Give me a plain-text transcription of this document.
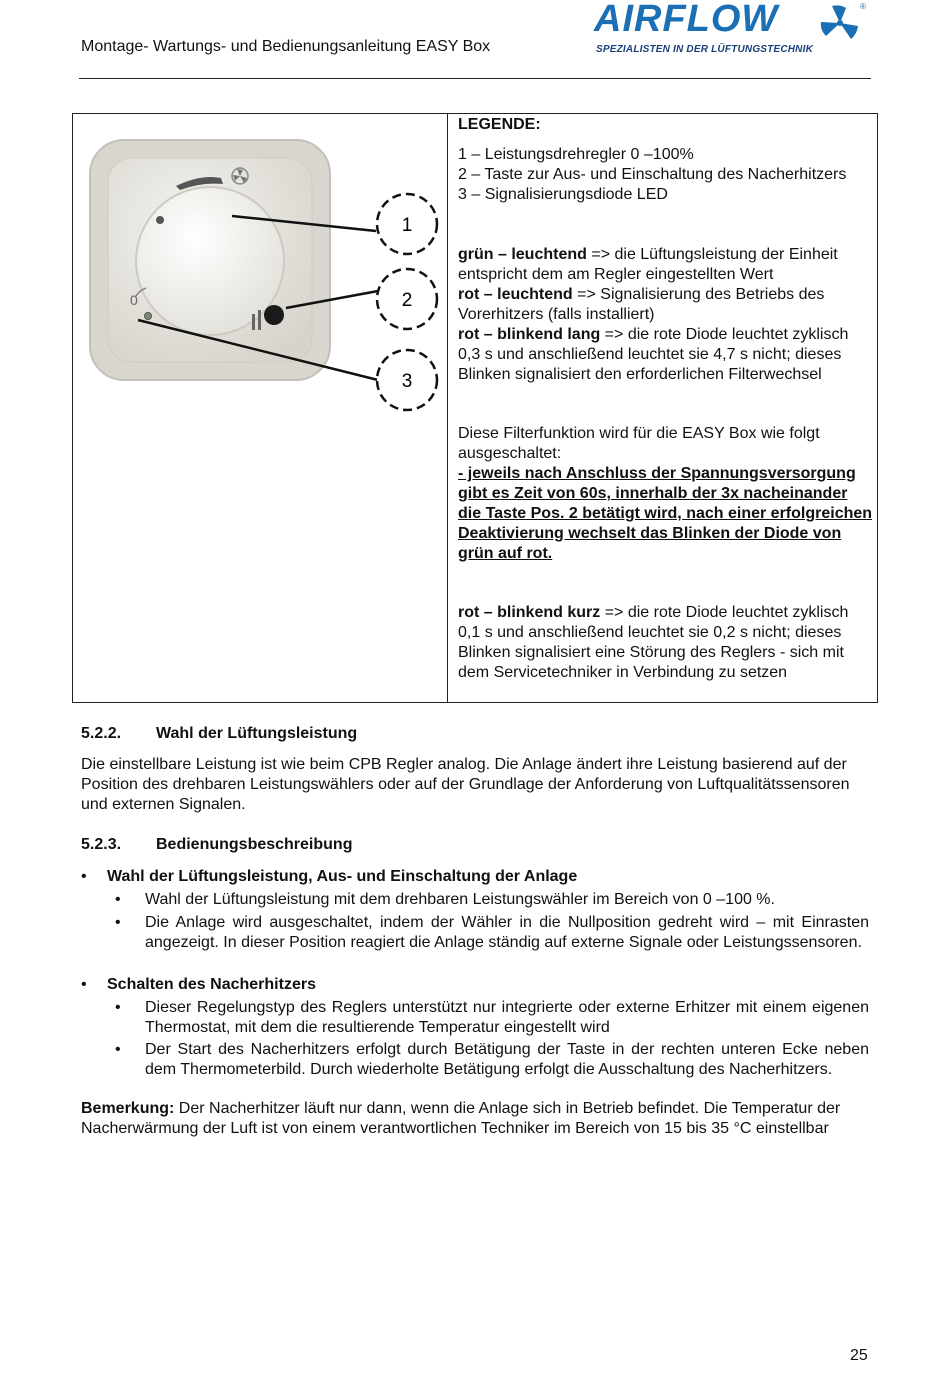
Montage- Wartungs- und Bedienungsanleitung EASY Box
AIRFLOW	®
SPEZIALISTEN IN DER LÜFTUNGSTECHNIK
0
1
2
3

LEGENDE:

1 – Leistungsdrehregler 0 –100%

2 – Taste zur Aus- und Einschaltung des Nacherhitzers

3 – Signalisierungsdiode LED

grün – leuchtend => die Lüftungsleistung der Einheit entspricht dem am Regler eingestellten Wert

rot – leuchtend => Signalisierung des Betriebs des Vorerhitzers (falls installiert)

rot – blinkend lang => die rote Diode leuchtet zyklisch 0,3 s und anschließend leuchtet sie 4,7 s nicht; dieses Blinken signalisiert den erforderlichen Filterwechsel

Diese Filterfunktion wird für die EASY Box wie folgt ausgeschaltet:

- jeweils nach Anschluss der Spannungsversorgung gibt es Zeit von 60s, innerhalb der 3x nacheinander die Taste Pos. 2 betätigt wird, nach einer erfolgreichen Deaktivierung wechselt das Blinken der Diode von grün auf rot.

rot – blinkend kurz => die rote Diode leuchtet zyklisch 0,1 s und anschließend leuchtet sie 0,2 s nicht; dieses Blinken signalisiert eine Störung des Reglers - sich mit dem Servicetechniker in Verbindung zu setzen

5.2.2. Wahl der Lüftungsleistung
Die einstellbare Leistung ist wie beim CPB Regler analog. Die Anlage ändert ihre Leistung basierend auf der Position des drehbaren Leistungswählers oder auf der Grundlage der Anforderung von Luftqualitätssensoren und externen Signalen.
5.2.3. Bedienungsbeschreibung
• Wahl der Lüftungsleistung, Aus- und Einschaltung der Anlage
• Wahl der Lüftungsleistung mit dem drehbaren Leistungswähler im Bereich von 0 –100 %.
• Die Anlage wird ausgeschaltet, indem der Wähler in die Nullposition gedreht wird – mit Einrasten angezeigt. In dieser Position reagiert die Anlage ständig auf externe Signale oder Leistungssensoren.
• Schalten des Nacherhitzers
• Dieser Regelungstyp des Reglers unterstützt nur integrierte oder externe Erhitzer mit einem eigenen Thermostat, mit dem die resultierende Temperatur eingestellt wird
• Der Start des Nacherhitzers erfolgt durch Betätigung der Taste in der rechten unteren Ecke neben dem Thermometerbild. Durch wiederholte Betätigung erfolgt die Ausschaltung des Nacherhitzers.
Bemerkung: Der Nacherhitzer läuft nur dann, wenn die Anlage sich in Betrieb befindet. Die Temperatur der Nacherwärmung der Luft ist von einem verantwortlichen Techniker im Bereich von 15 bis 35 °C einstellbar
25
